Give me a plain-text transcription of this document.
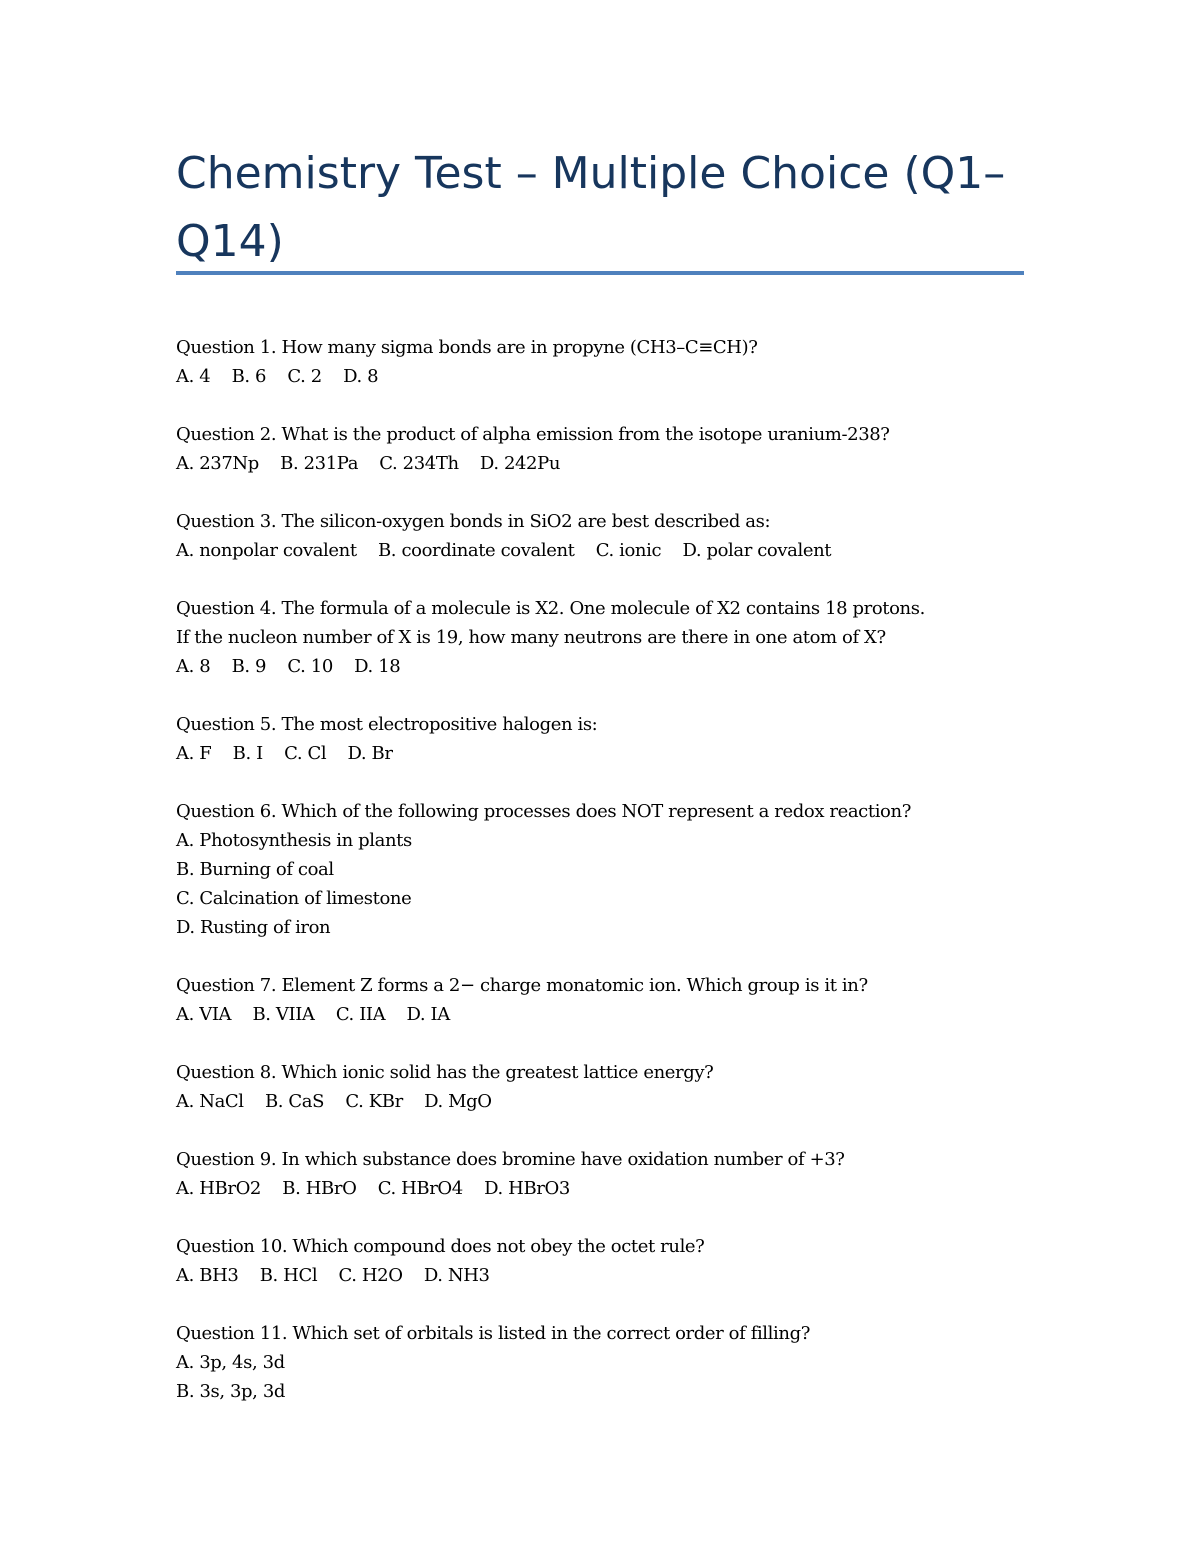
Chemistry Test – Multiple Choice (Q1–Q14)
Question 1. How many sigma bonds are in propyne (CH3–C≡CH)?
A. 4    B. 6    C. 2    D. 8
Question 2. What is the product of alpha emission from the isotope uranium-238?
A. 237Np    B. 231Pa    C. 234Th    D. 242Pu
Question 3. The silicon-oxygen bonds in SiO2 are best described as:
A. nonpolar covalent    B. coordinate covalent    C. ionic    D. polar covalent
Question 4. The formula of a molecule is X2. One molecule of X2 contains 18 protons.
If the nucleon number of X is 19, how many neutrons are there in one atom of X?
A. 8    B. 9    C. 10    D. 18
Question 5. The most electropositive halogen is:
A. F    B. I    C. Cl    D. Br
Question 6. Which of the following processes does NOT represent a redox reaction?
A. Photosynthesis in plants
B. Burning of coal
C. Calcination of limestone
D. Rusting of iron
Question 7. Element Z forms a 2− charge monatomic ion. Which group is it in?
A. VIA    B. VIIA    C. IIA    D. IA
Question 8. Which ionic solid has the greatest lattice energy?
A. NaCl    B. CaS    C. KBr    D. MgO
Question 9. In which substance does bromine have oxidation number of +3?
A. HBrO2    B. HBrO    C. HBrO4    D. HBrO3
Question 10. Which compound does not obey the octet rule?
A. BH3    B. HCl    C. H2O    D. NH3
Question 11. Which set of orbitals is listed in the correct order of filling?
A. 3p, 4s, 3d
B. 3s, 3p, 3d
